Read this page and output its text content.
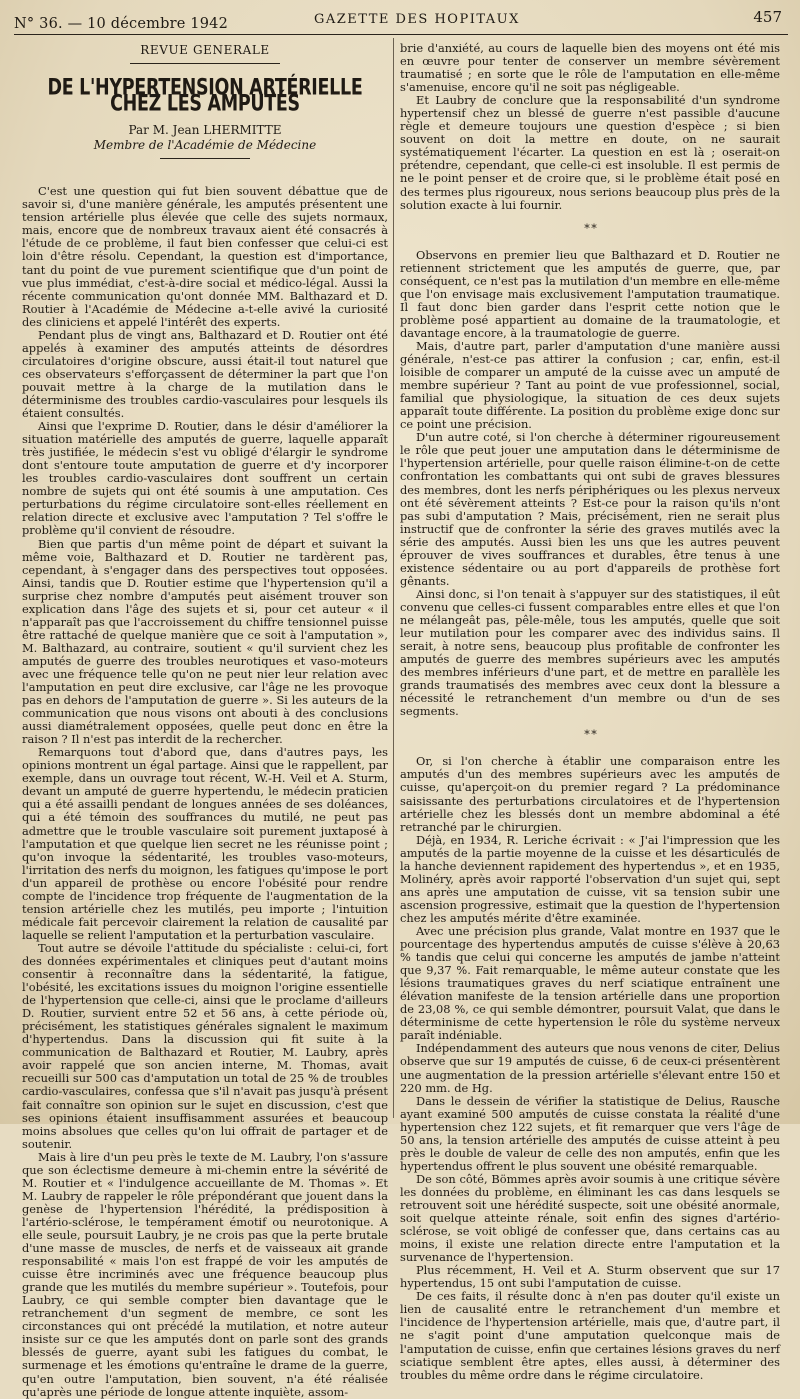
N° 36. — 10 décembre 1942	GAZETTE DES HOPITAUX	457
REVUE GENERALE
DE L'HYPERTENSION ARTÉRIELLE CHEZ LES AMPUTÉS
Par M. Jean LHERMITTE
Membre de l'Académie de Médecine

C'est une question qui fut bien souvent débattue que de savoir si, d'une manière générale, les amputés présentent une tension artérielle plus élevée que celle des sujets normaux, mais, encore que de nombreux travaux aient été consacrés à l'étude de ce problème, il faut bien confesser que celui-ci est loin d'être résolu. Cependant, la question est d'importance, tant du point de vue purement scientifique que d'un point de vue plus immédiat, c'est-à-dire social et médico-légal. Aussi la récente communication qu'ont donnée MM. Balthazard et D. Routier à l'Académie de Médecine a-t-elle avivé la curiosité des cliniciens et appelé l'intérêt des experts.

Pendant plus de vingt ans, Balthazard et D. Routier ont été appelés à examiner des amputés atteints de désordres circulatoires d'origine obscure, aussi était-il tout naturel que ces observateurs s'efforçassent de déterminer la part que l'on pouvait mettre à la charge de la mutilation dans le déterminisme des troubles cardio-vasculaires pour lesquels ils étaient consultés.

Ainsi que l'exprime D. Routier, dans le désir d'améliorer la situation matérielle des amputés de guerre, laquelle apparaît très justifiée, le médecin s'est vu obligé d'élargir le syndrome dont s'entoure toute amputation de guerre et d'y incorporer les troubles cardio-vasculaires dont souffrent un certain nombre de sujets qui ont été soumis à une amputation. Ces perturbations du régime circulatoire sont-elles réellement en relation directe et exclusive avec l'amputation ? Tel s'offre le problème qu'il convient de résoudre.

Bien que partis d'un même point de départ et suivant la même voie, Balthazard et D. Routier ne tardèrent pas, cependant, à s'engager dans des perspectives tout opposées. Ainsi, tandis que D. Routier estime que l'hypertension qu'il a surprise chez nombre d'amputés peut aisément trouver son explication dans l'âge des sujets et si, pour cet auteur « il n'apparaît pas que l'accroissement du chiffre tensionnel puisse être rattaché de quelque manière que ce soit à l'amputation », M. Balthazard, au contraire, soutient « qu'il survient chez les amputés de guerre des troubles neurotiques et vaso-moteurs avec une fréquence telle qu'on ne peut nier leur relation avec l'amputation en peut dire exclusive, car l'âge ne les provoque pas en dehors de l'amputation de guerre ». Si les auteurs de la communication que nous visons ont abouti à des conclusions aussi diamétralement opposées, quelle peut donc en être la raison ? Il n'est pas interdit de la rechercher.

Remarquons tout d'abord que, dans d'autres pays, les opinions montrent un égal partage. Ainsi que le rappellent, par exemple, dans un ouvrage tout récent, W.-H. Veil et A. Sturm, devant un amputé de guerre hypertendu, le médecin praticien qui a été assailli pendant de longues années de ses doléances, qui a été témoin des souffrances du mutilé, ne peut pas admettre que le trouble vasculaire soit purement juxtaposé à l'amputation et que quelque lien secret ne les réunisse point ; qu'on invoque la sédentarité, les troubles vaso-moteurs, l'irritation des nerfs du moignon, les fatigues qu'impose le port d'un appareil de prothèse ou encore l'obésité pour rendre compte de l'incidence trop fréquente de l'augmentation de la tension artérielle chez les mutilés, peu importe ; l'intuition médicale fait percevoir clairement la relation de causalité par laquelle se relient l'amputation et la perturbation vasculaire.

Tout autre se dévoile l'attitude du spécialiste : celui-ci, fort des données expérimentales et cliniques peut d'autant moins consentir à reconnaître dans la sédentarité, la fatigue, l'obésité, les excitations issues du moignon l'origine essentielle de l'hypertension que celle-ci, ainsi que le proclame d'ailleurs D. Routier, survient entre 52 et 56 ans, à cette période où, précisément, les statistiques générales signalent le maximum d'hypertendus. Dans la discussion qui fit suite à la communication de Balthazard et Routier, M. Laubry, après avoir rappelé que son ancien interne, M. Thomas, avait recueilli sur 500 cas d'amputation un total de 25 % de troubles cardio-vasculaires, confessa que s'il n'avait pas jusqu'à présent fait connaître son opinion sur le sujet en discussion, c'est que ses opinions étaient insuffisamment assurées et beaucoup moins absolues que celles qu'on lui offrait de partager et de soutenir.

Mais à lire d'un peu près le texte de M. Laubry, l'on s'assure que son éclectisme demeure à mi-chemin entre la sévérité de M. Routier et « l'indulgence accueillante de M. Thomas ». Et M. Laubry de rappeler le rôle prépondérant que jouent dans la genèse de l'hypertension l'hérédité, la prédisposition à l'artério-sclérose, le tempérament émotif ou neurotonique. A elle seule, poursuit Laubry, je ne crois pas que la perte brutale d'une masse de muscles, de nerfs et de vaisseaux ait grande responsabilité « mais l'on est frappé de voir les amputés de cuisse être incriminés avec une fréquence beaucoup plus grande que les mutilés du membre supérieur ». Toutefois, pour Laubry, ce qui semble compter bien davantage que le retranchement d'un segment de membre, ce sont les circonstances qui ont précédé la mutilation, et notre auteur insiste sur ce que les amputés dont on parle sont des grands blessés de guerre, ayant subi les fatigues du combat, le surmenage et les émotions qu'entraîne le drame de la guerre, qu'en outre l'amputation, bien souvent, n'a été réalisée qu'après une période de longue attente inquiète, assom-

brie d'anxiété, au cours de laquelle bien des moyens ont été mis en œuvre pour tenter de conserver un membre sévèrement traumatisé ; en sorte que le rôle de l'amputation en elle-même s'amenuise, encore qu'il ne soit pas négligeable.

Et Laubry de conclure que la responsabilité d'un syndrome hypertensif chez un blessé de guerre n'est passible d'aucune règle et demeure toujours une question d'espèce ; si bien souvent on doit la mettre en doute, on ne saurait systématiquement l'écarter. La question en est là ; oserait-on prétendre, cependant, que celle-ci est insoluble. Il est permis de ne le point penser et de croire que, si le problème était posé en des termes plus rigoureux, nous serions beaucoup plus près de la solution exacte à lui fournir.

* *

Observons en premier lieu que Balthazard et D. Routier ne retiennent strictement que les amputés de guerre, que, par conséquent, ce n'est pas la mutilation d'un membre en elle-même que l'on envisage mais exclusivement l'amputation traumatique. Il faut donc bien garder dans l'esprit cette notion que le problème posé appartient au domaine de la traumatologie, et davantage encore, à la traumatologie de guerre.

Mais, d'autre part, parler d'amputation d'une manière aussi générale, n'est-ce pas attirer la confusion ; car, enfin, est-il loisible de comparer un amputé de la cuisse avec un amputé de membre supérieur ? Tant au point de vue professionnel, social, familial que physiologique, la situation de ces deux sujets apparaît toute différente. La position du problème exige donc sur ce point une précision.

D'un autre coté, si l'on cherche à déterminer rigoureusement le rôle que peut jouer une amputation dans le déterminisme de l'hypertension artérielle, pour quelle raison élimine-t-on de cette confrontation les combattants qui ont subi de graves blessures des membres, dont les nerfs périphériques ou les plexus nerveux ont été sévèrement atteints ? Est-ce pour la raison qu'ils n'ont pas subi d'amputation ? Mais, précisément, rien ne serait plus instructif que de confronter la série des graves mutilés avec la série des amputés. Aussi bien les uns que les autres peuvent éprouver de vives souffrances et durables, être tenus à une existence sédentaire ou au port d'appareils de prothèse fort gênants.

Ainsi donc, si l'on tenait à s'appuyer sur des statistiques, il eût convenu que celles-ci fussent comparables entre elles et que l'on ne mélangeât pas, pêle-mêle, tous les amputés, quelle que soit leur mutilation pour les comparer avec des individus sains. Il serait, à notre sens, beaucoup plus profitable de confronter les amputés de guerre des membres supérieurs avec les amputés des membres inférieurs d'une part, et de mettre en parallèle les grands traumatisés des membres avec ceux dont la blessure a nécessité le retranchement d'un membre ou d'un de ses segments.

* *

Or, si l'on cherche à établir une comparaison entre les amputés d'un des membres supérieurs avec les amputés de cuisse, qu'aperçoit-on du premier regard ? La prédominance saisissante des perturbations circulatoires et de l'hypertension artérielle chez les blessés dont un membre abdominal a été retranché par le chirurgien.

Déjà, en 1934, R. Leriche écrivait : « J'ai l'impression que les amputés de la partie moyenne de la cuisse et les désarticulés de la hanche deviennent rapidement des hypertendus », et en 1935, Molinéry, après avoir rapporté l'observation d'un sujet qui, sept ans après une amputation de cuisse, vit sa tension subir une ascension progressive, estimait que la question de l'hypertension chez les amputés mérite d'être examinée.

Avec une précision plus grande, Valat montre en 1937 que le pourcentage des hypertendus amputés de cuisse s'élève à 20,63 % tandis que celui qui concerne les amputés de jambe n'atteint que 9,37 %. Fait remarquable, le même auteur constate que les lésions traumatiques graves du nerf sciatique entraînent une élévation manifeste de la tension artérielle dans une proportion de 23,08 %, ce qui semble démontrer, poursuit Valat, que dans le déterminisme de cette hypertension le rôle du système nerveux paraît indéniable.

Indépendamment des auteurs que nous venons de citer, Delius observe que sur 19 amputés de cuisse, 6 de ceux-ci présentèrent une augmentation de la pression artérielle s'élevant entre 150 et 220 mm. de Hg.

Dans le dessein de vérifier la statistique de Delius, Rausche ayant examiné 500 amputés de cuisse constata la réalité d'une hypertension chez 122 sujets, et fit remarquer que vers l'âge de 50 ans, la tension artérielle des amputés de cuisse atteint à peu près le double de valeur de celle des non amputés, enfin que les hypertendus offrent le plus souvent une obésité remarquable.

De son côté, Bömmes après avoir soumis à une critique sévère les données du problème, en éliminant les cas dans lesquels se retrouvent soit une hérédité suspecte, soit une obésité anormale, soit quelque atteinte rénale, soit enfin des signes d'artério-sclérose, se voit obligé de confesser que, dans certains cas au moins, il existe une relation directe entre l'amputation et la survenance de l'hypertension.

Plus récemment, H. Veil et A. Sturm observent que sur 17 hypertendus, 15 ont subi l'amputation de cuisse.

De ces faits, il résulte donc à n'en pas douter qu'il existe un lien de causalité entre le retranchement d'un membre et l'incidence de l'hypertension artérielle, mais que, d'autre part, il ne s'agit point d'une amputation quelconque mais de l'amputation de cuisse, enfin que certaines lésions graves du nerf sciatique semblent être aptes, elles aussi, à déterminer des troubles du même ordre dans le régime circulatoire.
